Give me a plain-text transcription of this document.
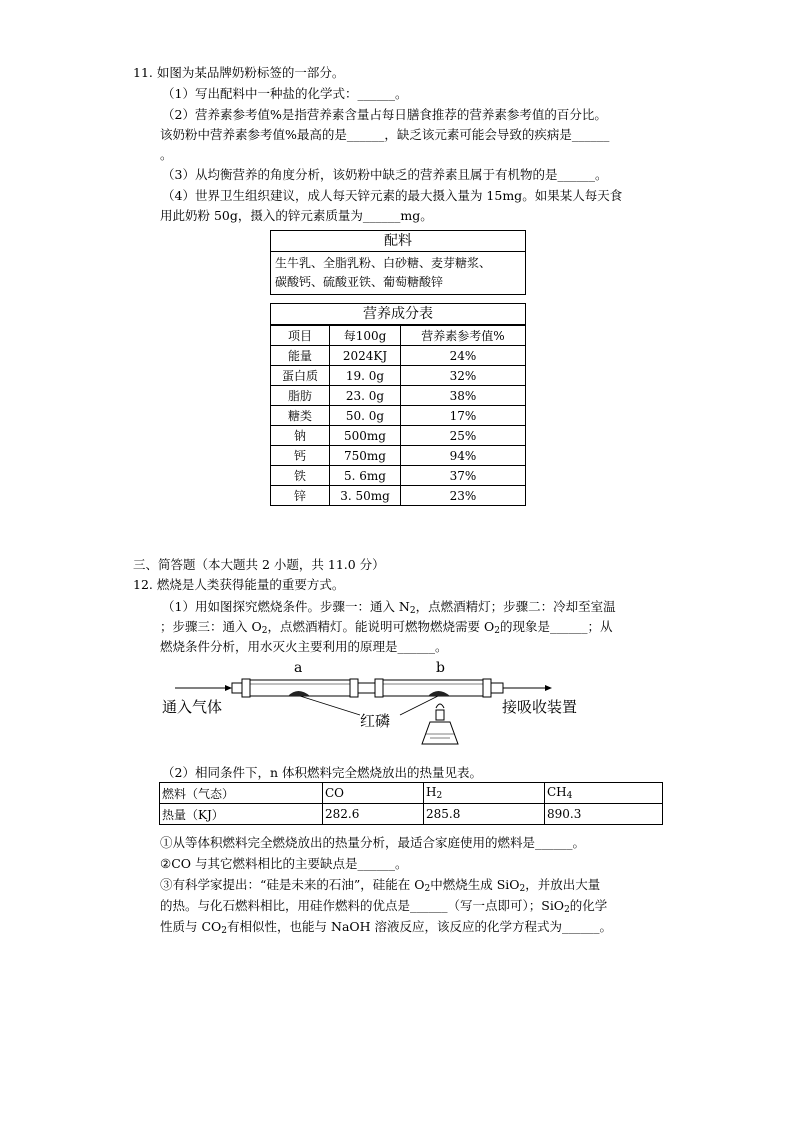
11. 如图为某品牌奶粉标签的一部分。
（1）写出配料中一种盐的化学式：______。
（2）营养素参考值%是指营养素含量占每日膳食推荐的营养素参考值的百分比。
该奶粉中营养素参考值%最高的是______，缺乏该元素可能会导致的疾病是______
。
（3）从均衡营养的角度分析，该奶粉中缺乏的营养素且属于有机物的是______。
（4）世界卫生组织建议，成人每天锌元素的最大摄入量为 15mg。如果某人每天食
用此奶粉 50g，摄入的锌元素质量为______mg。
配料
生牛乳、全脂乳粉、白砂糖、麦芽糖浆、
碳酸钙、硫酸亚铁、葡萄糖酸锌
营养成分表
项目	每100g	营养素参考值%
能量	2024KJ	24%
蛋白质	19. 0g	32%
脂肪	23. 0g	38%
糖类	50. 0g	17%
钠	500mg	25%
钙	750mg	94%
铁	5. 6mg	37%
锌	3. 50mg	23%
三、简答题（本大题共 2 小题，共 11.0 分）
12. 燃烧是人类获得能量的重要方式。
（1）用如图探究燃烧条件。步骤一：通入 $N_2$，点燃酒精灯；步骤二：冷却至室温
；步骤三：通入 $O_2$，点燃酒精灯。能说明可燃物燃烧需要 $O_2$的现象是______；从
燃烧条件分析，用水灭火主要利用的原理是______。
a	b
通入气体
红磷
接吸收装置
（2）相同条件下，n 体积燃料完全燃烧放出的热量见表。
燃料（气态）	CO	$H_2$	$CH_4$
热量（KJ）	282.6	285.8	890.3
①从等体积燃料完全燃烧放出的热量分析，最适合家庭使用的燃料是______。
②CO 与其它燃料相比的主要缺点是______。
③有科学家提出：“硅是未来的石油”，硅能在 $O_2$中燃烧生成 SiO$_2$，并放出大量
的热。与化石燃料相比，用硅作燃料的优点是______（写一点即可）；SiO$_2$的化学
性质与 $CO_2$有相似性，也能与 NaOH 溶液反应，该反应的化学方程式为______。
